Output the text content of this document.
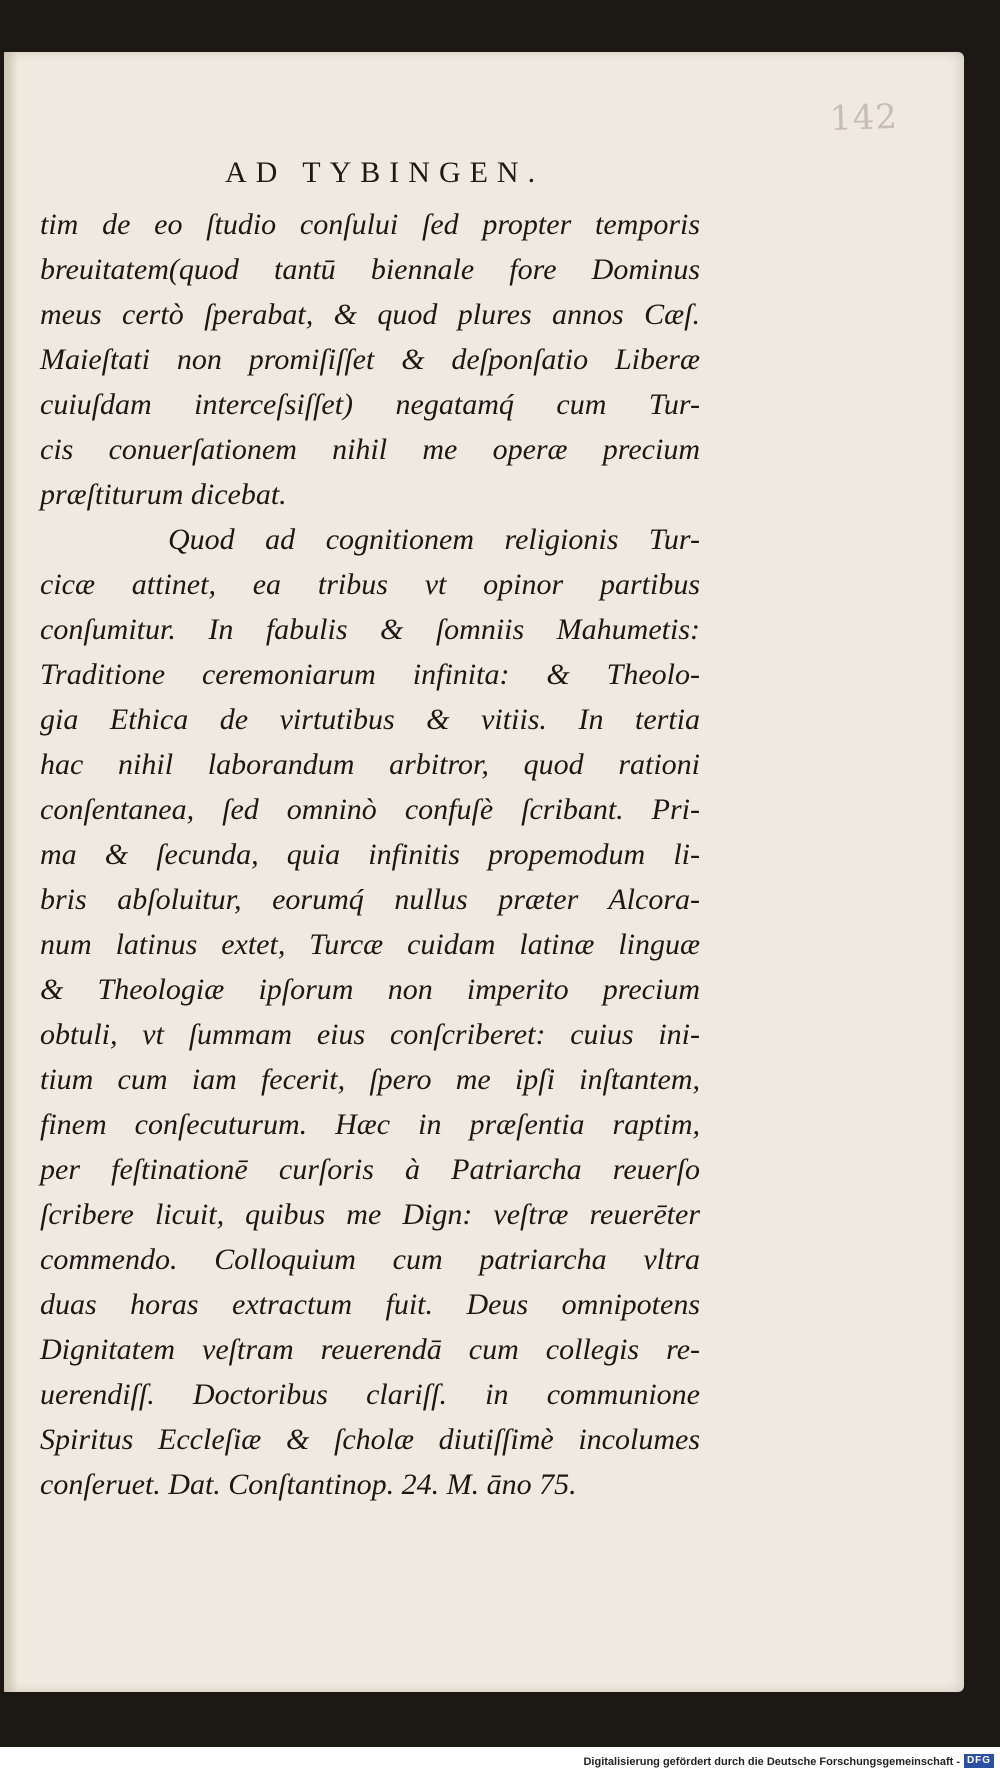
142
AD TYBINGEN.
tim de eo ſtudio conſului ſed propter temporis
breuitatem(quod tantū biennale fore Dominus
meus certò ſperabat, & quod plures annos Cæſ.
Maieſtati non promiſiſſet & deſponſatio Liberæ
cuiuſdam interceſsiſſet) negatamq́ cum Tur-
cis conuerſationem nihil me operæ precium
præſtiturum dicebat.
Quod ad cognitionem religionis Tur-
cicæ attinet, ea tribus vt opinor partibus
conſumitur. In fabulis & ſomniis Mahumetis:
Traditione ceremoniarum infinita: & Theolo-
gia Ethica de virtutibus & vitiis. In tertia
hac nihil laborandum arbitror, quod rationi
conſentanea, ſed omninò confuſè ſcribant. Pri-
ma & ſecunda, quia infinitis propemodum li-
bris abſoluitur, eorumq́ nullus præter Alcora-
num latinus extet, Turcæ cuidam latinæ linguæ
& Theologiæ ipſorum non imperito precium
obtuli, vt ſummam eius conſcriberet: cuius ini-
tium cum iam fecerit, ſpero me ipſi inſtantem,
finem conſecuturum. Hæc in præſentia raptim,
per feſtinationē curſoris à Patriarcha reuerſo
ſcribere licuit, quibus me Dign: veſtræ reuerēter
commendo. Colloquium cum patriarcha vltra
duas horas extractum fuit. Deus omnipotens
Dignitatem veſtram reuerendā cum collegis re-
uerendiſſ. Doctoribus clariſſ. in communione
Spiritus Eccleſiæ & ſcholæ diutiſſimè incolumes
conſeruet. Dat. Conſtantinop. 24. M. āno 75.
Digitalisierung gefördert durch die Deutsche Forschungsgemeinschaft - DFG
